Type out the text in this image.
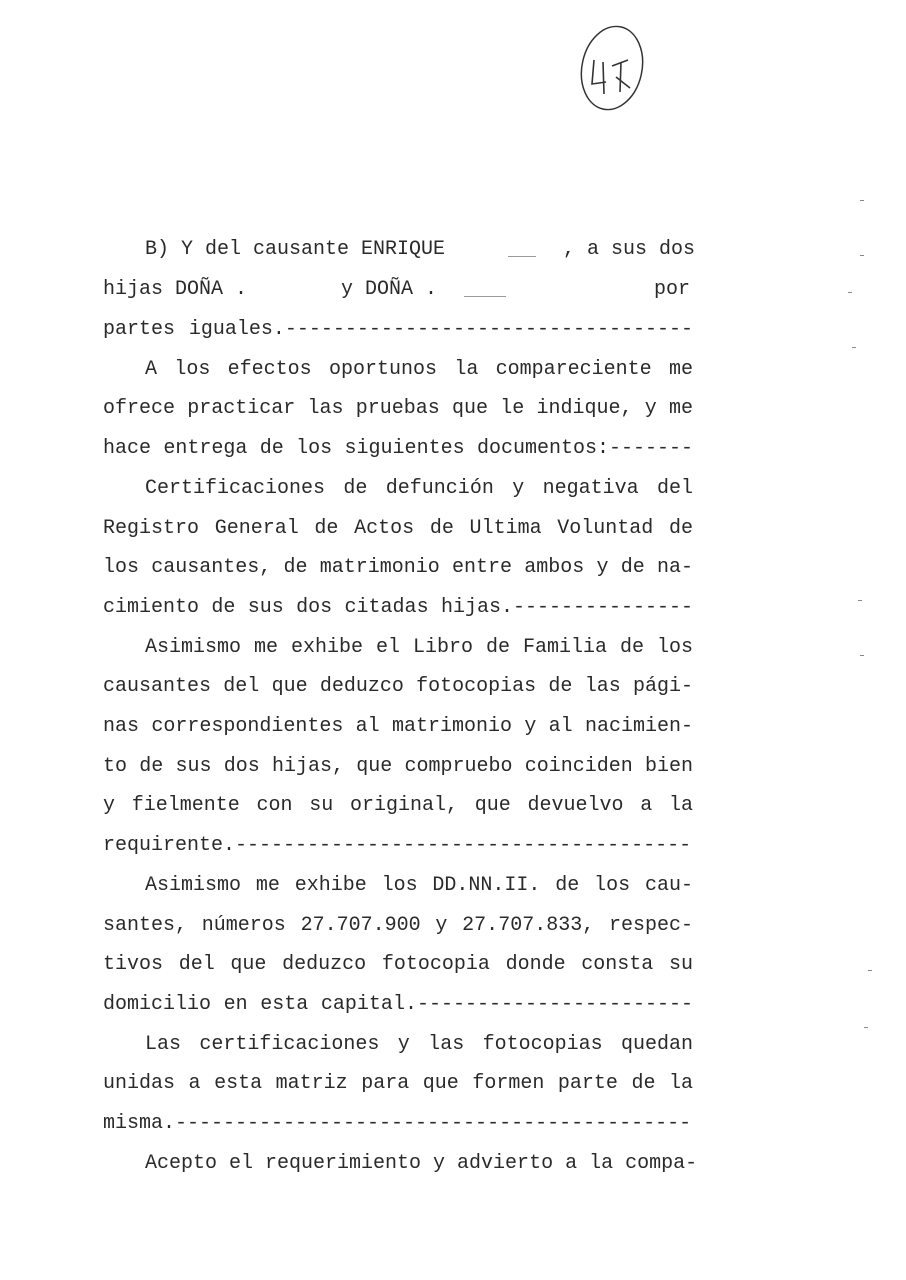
B) Y del causante ENRIQUE	, a sus dos
hijas DOÑA .	y DOÑA .	por
partes iguales.----------------------------------
A los efectos oportunos la compareciente me
ofrece practicar las pruebas que le indique, y me
hace entrega de los siguientes documentos:-------
Certificaciones de defunción y negativa del
Registro General de Actos de Ultima Voluntad de
los causantes, de matrimonio entre ambos y de na-
cimiento de sus dos citadas hijas.---------------
Asimismo me exhibe el Libro de Familia de los
causantes del que deduzco fotocopias de las pági-
nas correspondientes al matrimonio y al nacimien-
to de sus dos hijas, que compruebo coinciden bien
y fielmente con su original, que devuelvo a la
requirente.--------------------------------------
Asimismo me exhibe los DD.NN.II. de los cau-
santes, números 27.707.900 y 27.707.833, respec-
tivos del que deduzco fotocopia donde consta su
domicilio en esta capital.-----------------------
Las certificaciones y las fotocopias quedan
unidas a esta matriz para que formen parte de la
misma.-------------------------------------------
Acepto el requerimiento y advierto a la compa-
